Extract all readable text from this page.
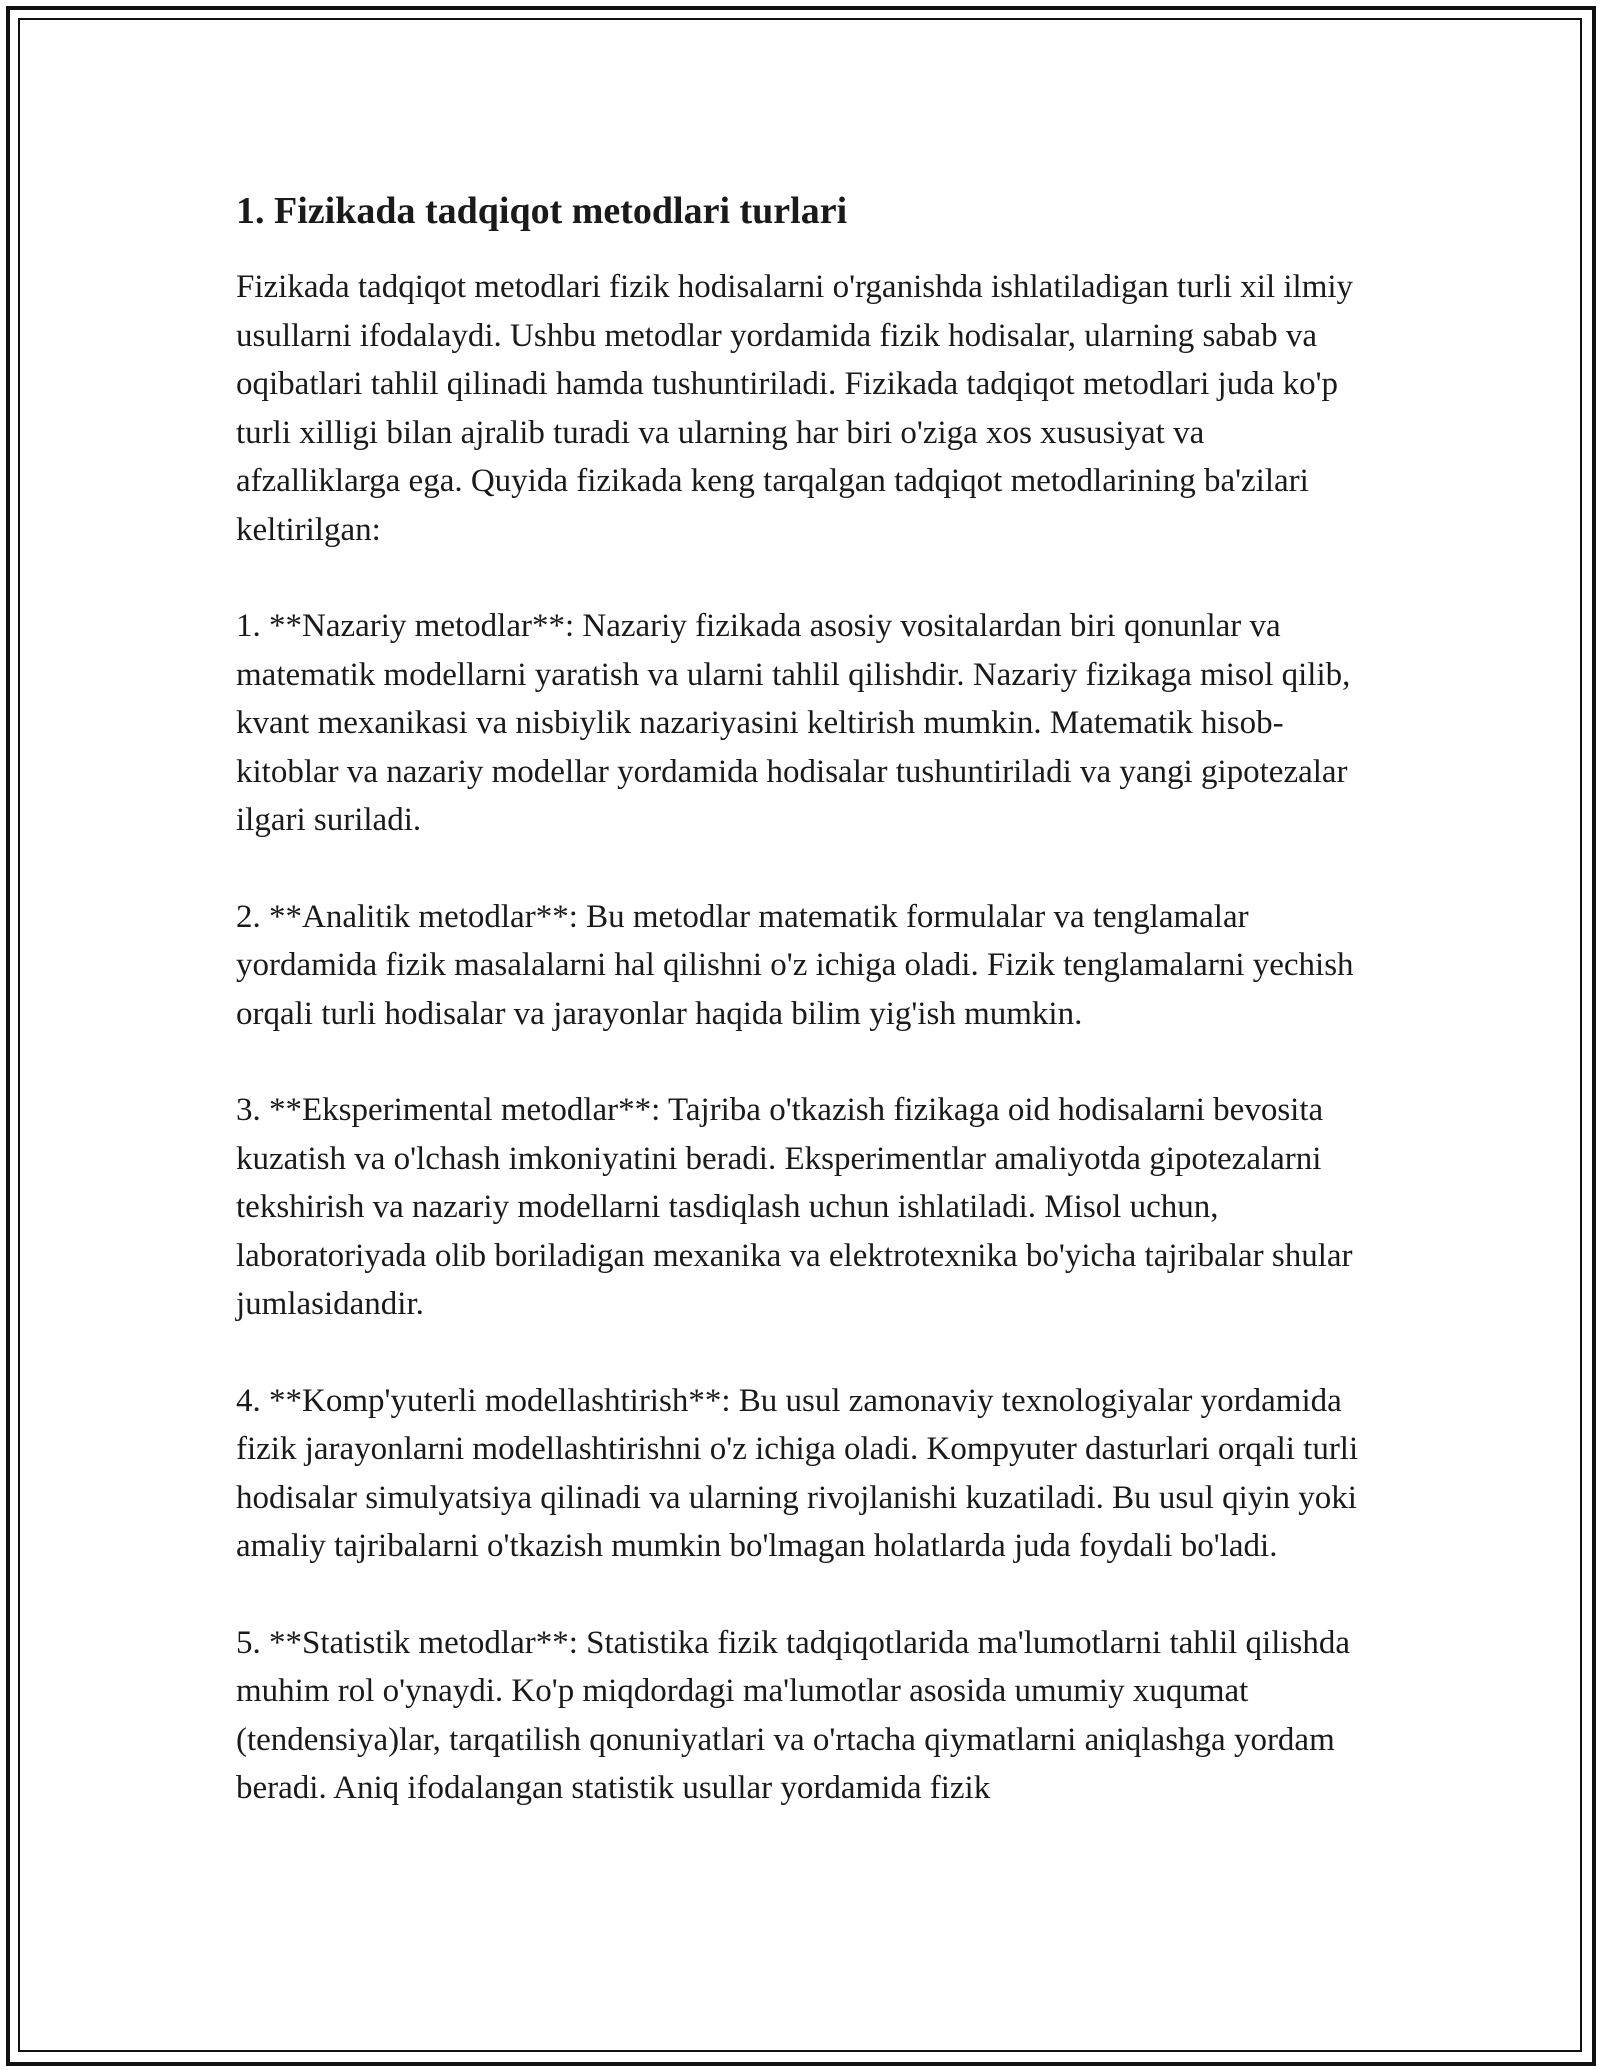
1. Fizikada tadqiqot metodlari turlari

Fizikada tadqiqot metodlari fizik hodisalarni o'rganishda ishlatiladigan turli xil ilmiy usullarni ifodalaydi. Ushbu metodlar yordamida fizik hodisalar, ularning sabab va oqibatlari tahlil qilinadi hamda tushuntiriladi. Fizikada tadqiqot metodlari juda ko'p turli xilligi bilan ajralib turadi va ularning har biri o'ziga xos xususiyat va afzalliklarga ega. Quyida fizikada keng tarqalgan tadqiqot metodlarining ba'zilari keltirilgan:

1. **Nazariy metodlar**: Nazariy fizikada asosiy vositalardan biri qonunlar va matematik modellarni yaratish va ularni tahlil qilishdir. Nazariy fizikaga misol qilib, kvant mexanikasi va nisbiylik nazariyasini keltirish mumkin. Matematik hisob-kitoblar va nazariy modellar yordamida hodisalar tushuntiriladi va yangi gipotezalar ilgari suriladi.

2. **Analitik metodlar**: Bu metodlar matematik formulalar va tenglamalar yordamida fizik masalalarni hal qilishni o'z ichiga oladi. Fizik tenglamalarni yechish orqali turli hodisalar va jarayonlar haqida bilim yig'ish mumkin.

3. **Eksperimental metodlar**: Tajriba o'tkazish fizikaga oid hodisalarni bevosita kuzatish va o'lchash imkoniyatini beradi. Eksperimentlar amaliyotda gipotezalarni tekshirish va nazariy modellarni tasdiqlash uchun ishlatiladi. Misol uchun, laboratoriyada olib boriladigan mexanika va elektrotexnika bo'yicha tajribalar shular jumlasidandir.

4. **Komp'yuterli modellashtirish**: Bu usul zamonaviy texnologiyalar yordamida fizik jarayonlarni modellashtirishni o'z ichiga oladi. Kompyuter dasturlari orqali turli hodisalar simulyatsiya qilinadi va ularning rivojlanishi kuzatiladi. Bu usul qiyin yoki amaliy tajribalarni o'tkazish mumkin bo'lmagan holatlarda juda foydali bo'ladi.

5. **Statistik metodlar**: Statistika fizik tadqiqotlarida ma'lumotlarni tahlil qilishda muhim rol o'ynaydi. Ko'p miqdordagi ma'lumotlar asosida umumiy xuqumat (tendensiya)lar, tarqatilish qonuniyatlari va o'rtacha qiymatlarni aniqlashga yordam beradi. Aniq ifodalangan statistik usullar yordamida fizik
